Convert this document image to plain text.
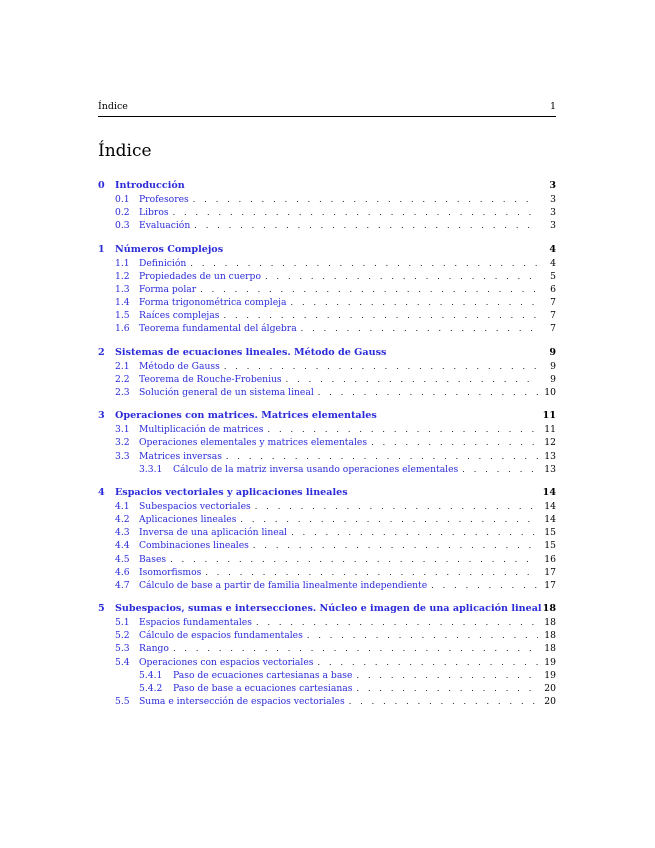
Índice	1
Índice
0	Introducción	3
0.1	Profesores . . .	3
0.2	Libros . . .	3
0.3	Evaluación . . .	3
1	Números Complejos	4
1.1	Definición . . .	4
1.2	Propiedades de un cuerpo . . .	5
1.3	Forma polar . . .	6
1.4	Forma trigonométrica compleja . . .	7
1.5	Raíces complejas . . .	7
1.6	Teorema fundamental del álgebra . . .	7
2	Sistemas de ecuaciones lineales. Método de Gauss	9
2.1	Método de Gauss . . .	9
2.2	Teorema de Rouche-Frobenius . . .	9
2.3	Solución general de un sistema lineal . . .	10
3	Operaciones con matrices. Matrices elementales	11
3.1	Multiplicación de matrices . . .	11
3.2	Operaciones elementales y matrices elementales . . .	12
3.3	Matrices inversas . . .	13
3.3.1	Cálculo de la matriz inversa usando operaciones elementales . . .	13
4	Espacios vectoriales y aplicaciones lineales	14
4.1	Subespacios vectoriales . . .	14
4.2	Aplicaciones lineales . . .	14
4.3	Inversa de una aplicación lineal . . .	15
4.4	Combinaciones lineales . . .	15
4.5	Bases . . .	16
4.6	Isomorfismos . . .	17
4.7	Cálculo de base a partir de familia linealmente independiente . . .	17
5	Subespacios, sumas e intersecciones. Núcleo e imagen de una aplicación lineal 18
5.1	Espacios fundamentales . . .	18
5.2	Cálculo de espacios fundamentales . . .	18
5.3	Rango . . .	18
5.4	Operaciones con espacios vectoriales . . .	19
5.4.1	Paso de ecuaciones cartesianas a base . . .	19
5.4.2	Paso de base a ecuaciones cartesianas . . .	20
5.5	Suma e intersección de espacios vectoriales . . .	20
